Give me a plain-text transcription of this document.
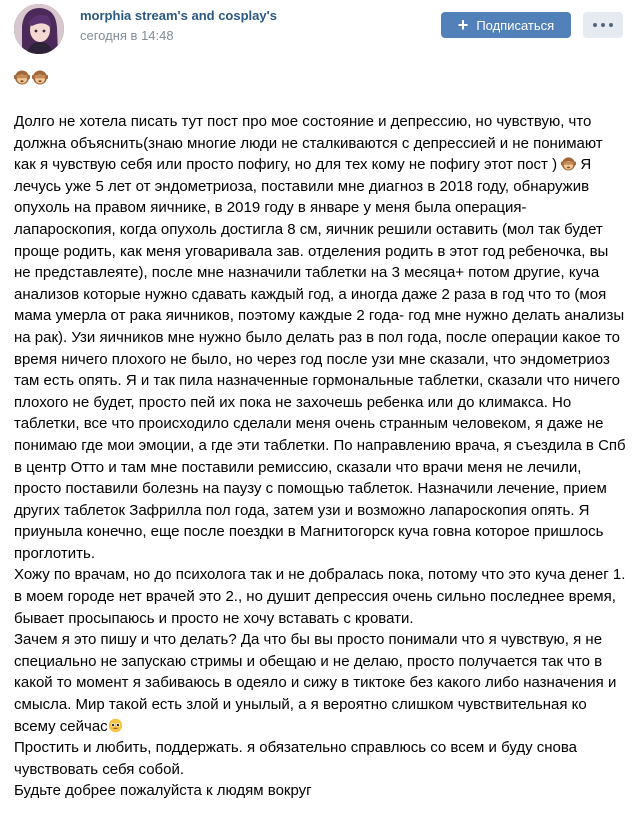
morphia stream's and cosplay's
сегодня в 14:48
+ Подписаться
Долго не хотела писать тут пост про мое состояние и депрессию, но чувствую, что должна объяснить(знаю многие люди не сталкиваются с депрессией и не понимают как я чувствую себя или просто пофигу, но для тех кому не пофигу этот пост )  Я лечусь уже 5 лет от эндометриоза, поставили мне диагноз в 2018 году, обнаружив опухоль на правом яичнике, в 2019 году в январе у меня была операция-лапароскопия, когда опухоль достигла 8 см, яичник решили оставить (мол так будет проще родить, как меня уговаривала зав. отделения родить в этот год ребеночка, вы не представлеяте), после мне назначили таблетки на 3 месяца+ потом другие, куча анализов которые нужно сдавать каждый год, а иногда даже 2 раза в год что то (моя мама умерла от рака яичников, поэтому каждые 2 года- год мне нужно делать анализы на рак). Узи яичников мне нужно было делать раз в пол года, после операции какое то время ничего плохого не было, но через год после узи мне сказали, что эндометриоз там есть опять. Я и так пила назначенные гормональные таблетки, сказали что ничего плохого не будет, просто пей их пока не захочешь ребенка или до климакса. Но таблетки, все что происходило сделали меня очень странным человеком, я даже не понимаю где мои эмоции, а где эти таблетки. По направлению врача, я съездила в Спб в центр Отто и там мне поставили ремиссию, сказали что врачи меня не лечили, просто поставили болезнь на паузу с помощью таблеток. Назначили лечение, прием других таблеток Зафрилла пол года, затем узи и возможно лапароскопия опять. Я приуныла конечно, еще после поездки в Магнитогорск куча говна которое пришлось проглотить.
Хожу по врачам, но до психолога так и не добралась пока, потому что это куча денег 1. в моем городе нет врачей это 2., но душит депрессия очень сильно последнее время, бывает просыпаюсь и просто не хочу вставать с кровати.
Зачем я это пишу и что делать? Да что бы вы просто понимали что я чувствую, я не специально не запускаю стримы и обещаю и не делаю, просто получается так что в какой то момент я забиваюсь в одеяло и сижу в тиктоке без какого либо назначения и смысла. Мир такой есть злой и унылый, а я вероятно слишком чувствительная ко всему сейчас
Простить и любить, поддержать. я обязательно справлюсь со всем и буду снова чувствовать себя собой.
Будьте добрее пожалуйста к людям вокруг
